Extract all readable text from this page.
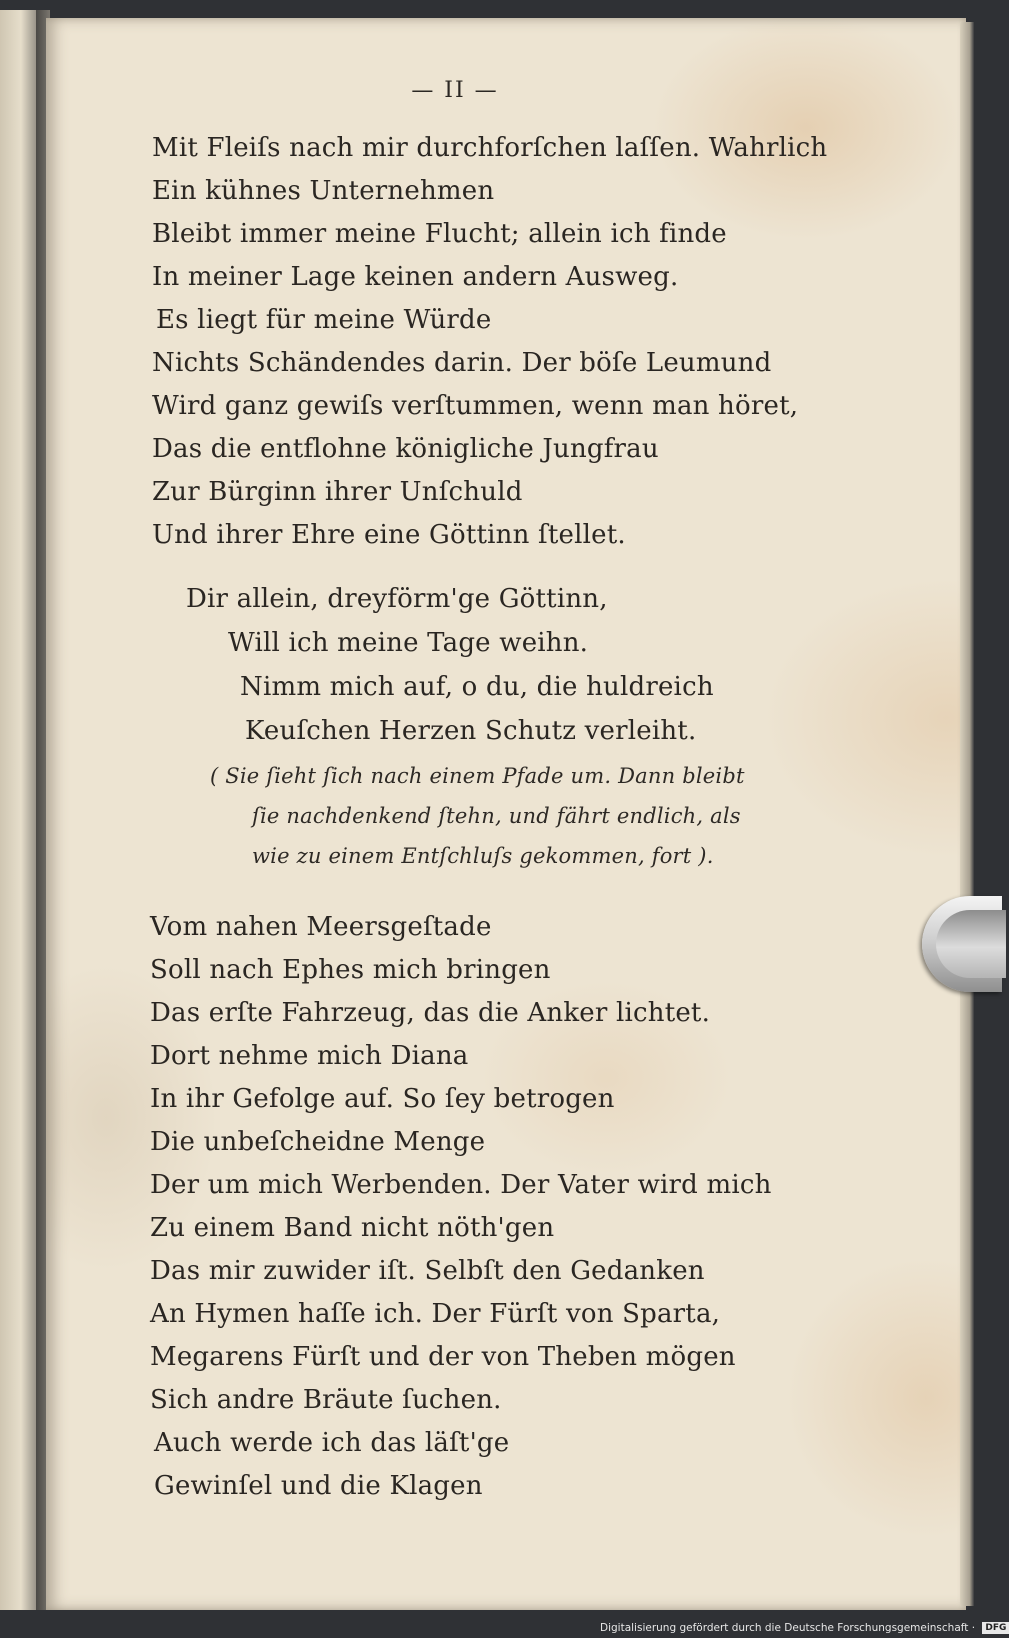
— II —
Mit Fleiſs nach mir durchforſchen laſſen. Wahrlich
Ein kühnes Unternehmen
Bleibt immer meine Flucht; allein ich finde
In meiner Lage keinen andern Ausweg.
Es liegt für meine Würde
Nichts Schändendes darin. Der böſe Leumund
Wird ganz gewiſs verſtummen, wenn man höret,
Das die entflohne königliche Jungfrau
Zur Bürginn ihrer Unſchuld
Und ihrer Ehre eine Göttinn ſtellet.
Dir allein, dreyförm'ge Göttinn,
Will ich meine Tage weihn.
Nimm mich auf, o du, die huldreich
Keuſchen Herzen Schutz verleiht.
( Sie ſieht ſich nach einem Pfade um. Dann bleibt
ſie nachdenkend ſtehn, und fährt endlich, als
wie zu einem Entſchluſs gekommen, fort ).
Vom nahen Meersgeſtade
Soll nach Ephes mich bringen
Das erſte Fahrzeug, das die Anker lichtet.
Dort nehme mich Diana
In ihr Gefolge auf. So ſey betrogen
Die unbeſcheidne Menge
Der um mich Werbenden. Der Vater wird mich
Zu einem Band nicht nöth'gen
Das mir zuwider iſt. Selbſt den Gedanken
An Hymen haſſe ich. Der Fürſt von Sparta,
Megarens Fürſt und der von Theben mögen
Sich andre Bräute ſuchen.
Auch werde ich das läſt'ge
Gewinſel und die Klagen
Digitalisierung gefördert durch die Deutsche Forschungsgemeinschaft · DFG
